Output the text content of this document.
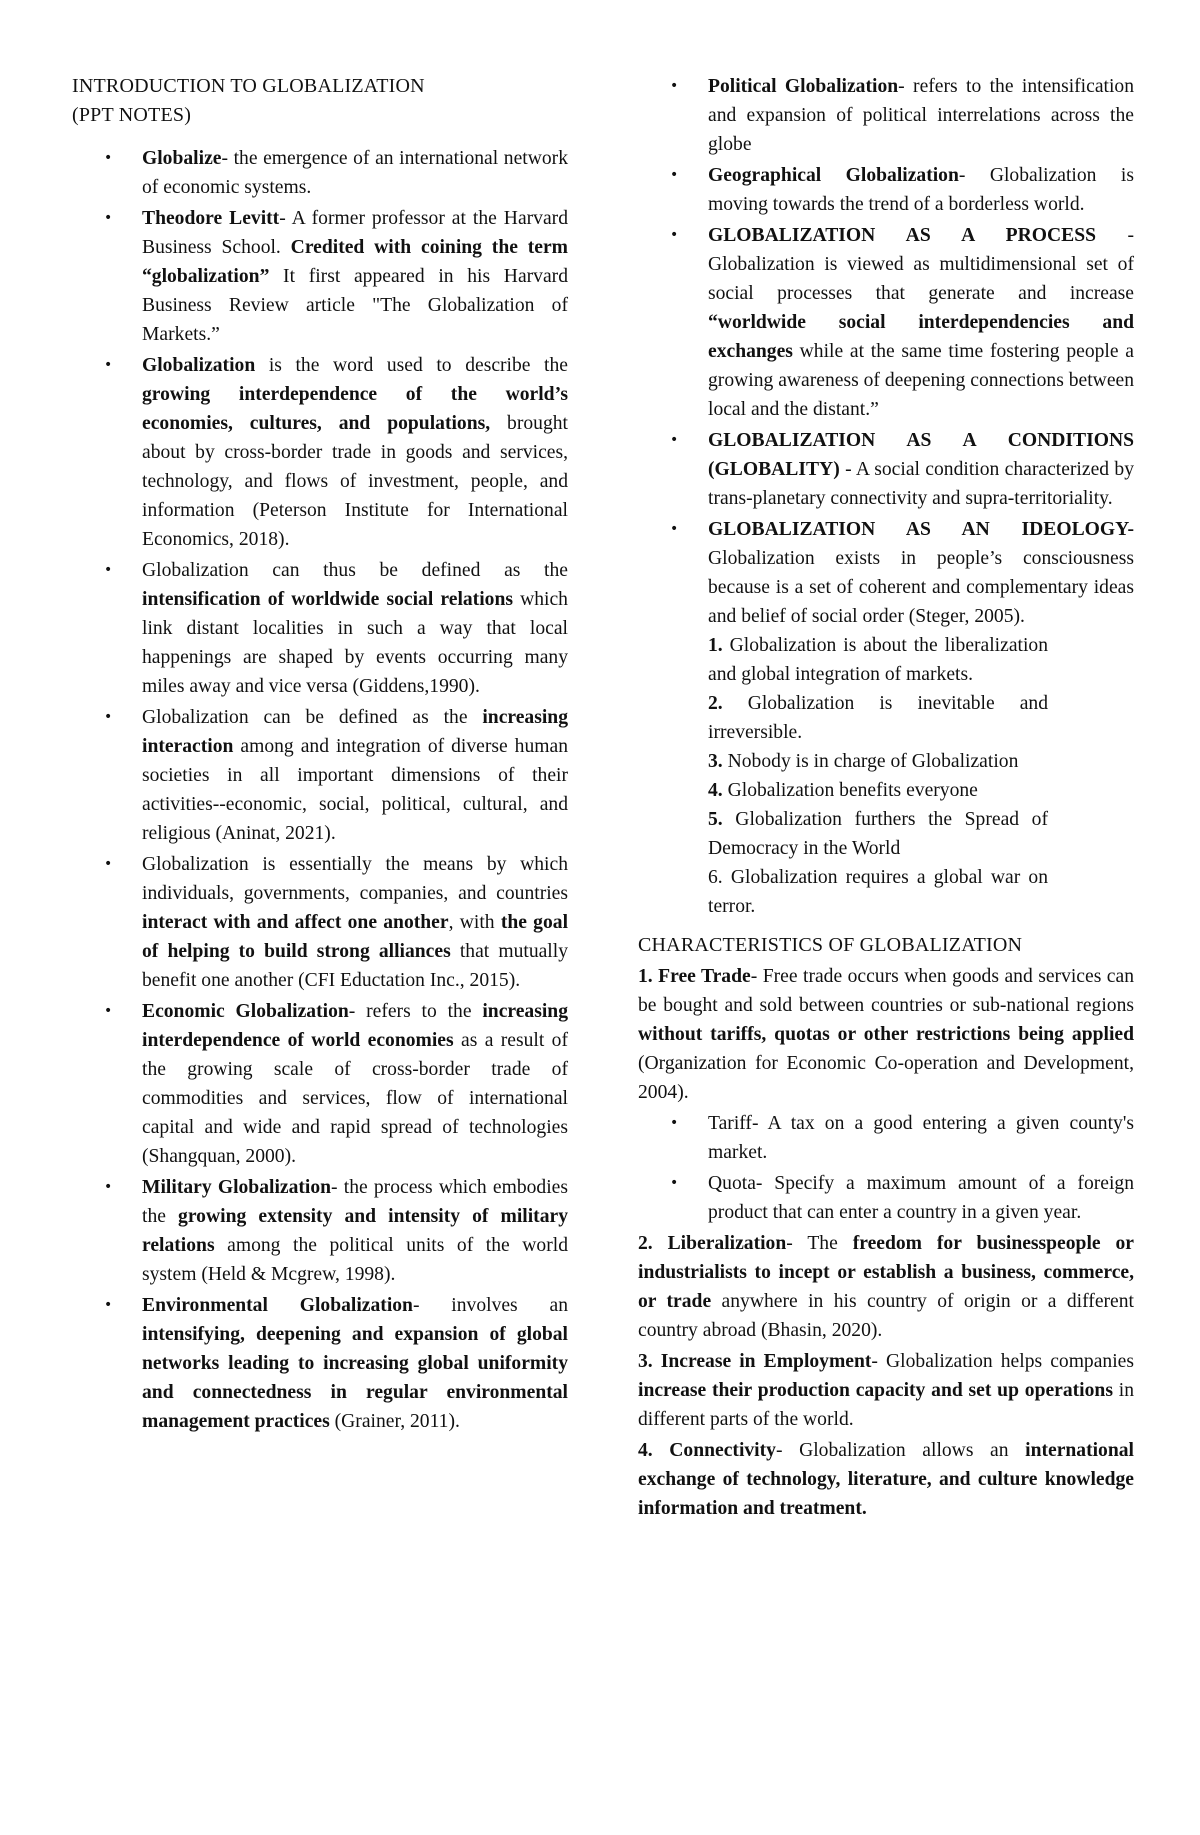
INTRODUCTION TO GLOBALIZATION
(PPT NOTES)
• Globalize- the emergence of an international network of economic systems.
• Theodore Levitt- A former professor at the Harvard Business School. Credited with coining the term “globalization” It first appeared in his Harvard Business Review article "The Globalization of Markets.”
• Globalization is the word used to describe the growing interdependence of the world’s economies, cultures, and populations, brought about by cross-border trade in goods and services, technology, and flows of investment, people, and information (Peterson Institute for International Economics, 2018).
• Globalization can thus be defined as the intensification of worldwide social relations which link distant localities in such a way that local happenings are shaped by events occurring many miles away and vice versa (Giddens,1990).
• Globalization can be defined as the increasing interaction among and integration of diverse human societies in all important dimensions of their activities--economic, social, political, cultural, and religious (Aninat, 2021).
• Globalization is essentially the means by which individuals, governments, companies, and countries interact with and affect one another, with the goal of helping to build strong alliances that mutually benefit one another (CFI Eductation Inc., 2015).
• Economic Globalization- refers to the increasing interdependence of world economies as a result of the growing scale of cross-border trade of commodities and services, flow of international capital and wide and rapid spread of technologies (Shangquan, 2000).
• Military Globalization- the process which embodies the growing extensity and intensity of military relations among the political units of the world system (Held & Mcgrew, 1998).
• Environmental Globalization- involves an intensifying, deepening and expansion of global networks leading to increasing global uniformity and connectedness in regular environmental management practices (Grainer, 2011).
• Political Globalization- refers to the intensification and expansion of political interrelations across the globe
• Geographical Globalization- Globalization is moving towards the trend of a borderless world.
• GLOBALIZATION AS A PROCESS - Globalization is viewed as multidimensional set of social processes that generate and increase “worldwide social interdependencies and exchanges while at the same time fostering people a growing awareness of deepening connections between local and the distant.”
• GLOBALIZATION AS A CONDITIONS (GLOBALITY) - A social condition characterized by trans-planetary connectivity and supra-territoriality.
• GLOBALIZATION AS AN IDEOLOGY- Globalization exists in people’s consciousness because is a set of coherent and complementary ideas and belief of social order (Steger, 2005).
1. Globalization is about the liberalization and global integration of markets.
2. Globalization is inevitable and irreversible.
3. Nobody is in charge of Globalization
4. Globalization benefits everyone
5. Globalization furthers the Spread of Democracy in the World
6. Globalization requires a global war on terror.
CHARACTERISTICS OF GLOBALIZATION

1. Free Trade- Free trade occurs when goods and services can be bought and sold between countries or sub-national regions without tariffs, quotas or other restrictions being applied (Organization for Economic Co-operation and Development, 2004).

• Tariff- A tax on a good entering a given county's market.
• Quota- Specify a maximum amount of a foreign product that can enter a country in a given year.

2. Liberalization- The freedom for businesspeople or industrialists to incept or establish a business, commerce, or trade anywhere in his country of origin or a different country abroad (Bhasin, 2020).

3. Increase in Employment- Globalization helps companies increase their production capacity and set up operations in different parts of the world.

4. Connectivity- Globalization allows an international exchange of technology, literature, and culture knowledge information and treatment.
